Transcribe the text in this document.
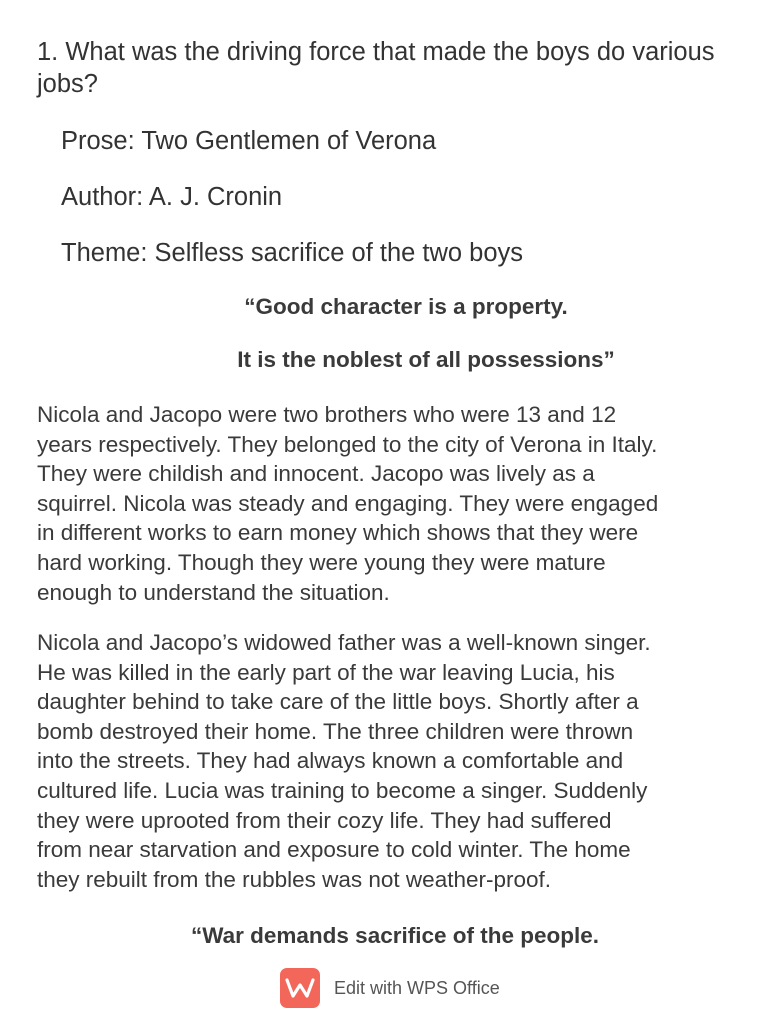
1. What was the driving force that made the boys do various jobs?

Prose: Two Gentlemen of Verona

Author: A. J. Cronin

Theme: Selfless sacrifice of the two boys

“Good character is a property.

It is the noblest of all possessions”

Nicola and Jacopo were two brothers who were 13 and 12
years respectively. They belonged to the city of Verona in Italy.
They were childish and innocent. Jacopo was lively as a
squirrel. Nicola was steady and engaging. They were engaged
in different works to earn money which shows that they were
hard working. Though they were young they were mature
enough to understand the situation.

Nicola and Jacopo’s widowed father was a well-known singer.
He was killed in the early part of the war leaving Lucia, his
daughter behind to take care of the little boys. Shortly after a
bomb destroyed their home. The three children were thrown
into the streets. They had always known a comfortable and
cultured life. Lucia was training to become a singer. Suddenly
they were uprooted from their cozy life. They had suffered
from near starvation and exposure to cold winter. The home
they rebuilt from the rubbles was not weather-proof.

“War demands sacrifice of the people.

Edit with WPS Office
